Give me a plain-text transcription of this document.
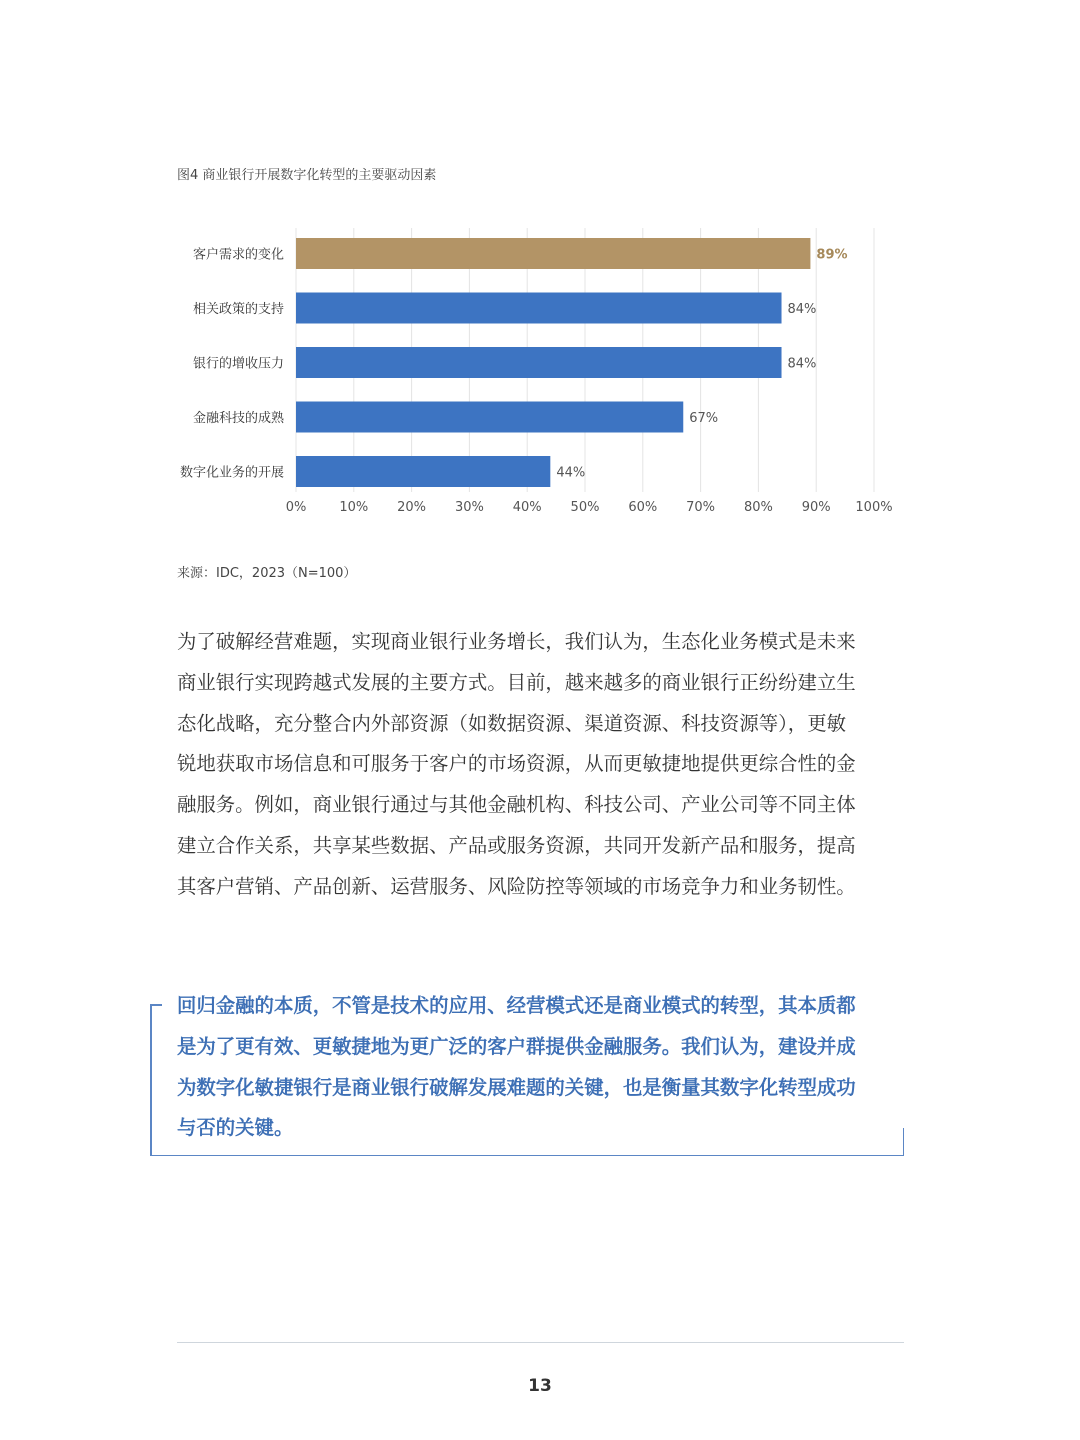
图4 商业银行开展数字化转型的主要驱动因素
客户需求的变化	89%
相关政策的支持	84%
银行的增收压力	84%
金融科技的成熟	67%
数字化业务的开展	44%
0%	10% 20% 30% 40% 50% 60% 70% 80% 90% 100%
来源：IDC，2023（N=100）
为了破解经营难题，实现商业银行业务增长，我们认为，生态化业务模式是未来
商业银行实现跨越式发展的主要方式。目前，越来越多的商业银行正纷纷建立生
态化战略，充分整合内外部资源（如数据资源、渠道资源、科技资源等），更敏
锐地获取市场信息和可服务于客户的市场资源，从而更敏捷地提供更综合性的金
融服务。例如，商业银行通过与其他金融机构、科技公司、产业公司等不同主体
建立合作关系，共享某些数据、产品或服务资源，共同开发新产品和服务，提高
其客户营销、产品创新、运营服务、风险防控等领域的市场竞争力和业务韧性。
回归金融的本质，不管是技术的应用、经营模式还是商业模式的转型，其本质都
是为了更有效、更敏捷地为更广泛的客户群提供金融服务。我们认为，建设并成
为数字化敏捷银行是商业银行破解发展难题的关键，也是衡量其数字化转型成功
与否的关键。
13
